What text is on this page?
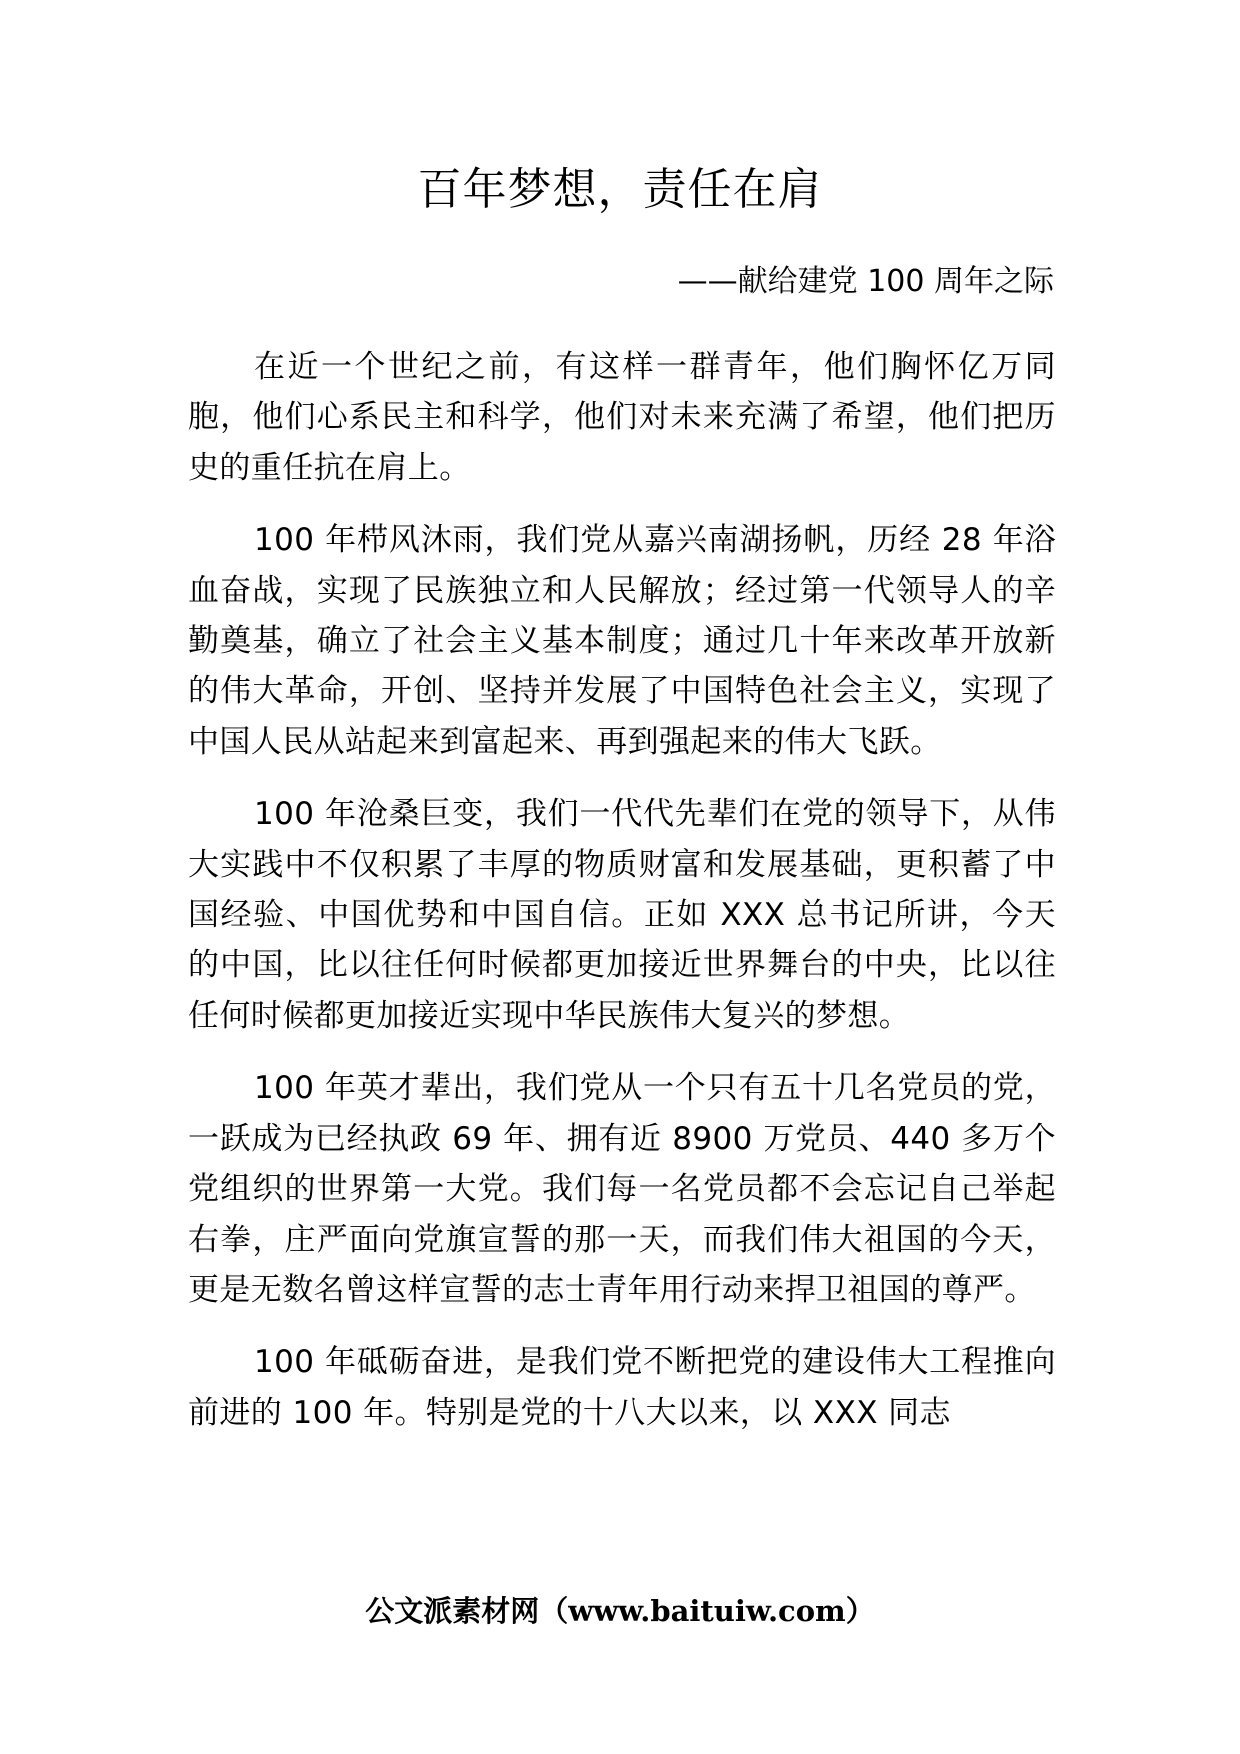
百年梦想，责任在肩
——献给建党 100 周年之际

在近一个世纪之前，有这样一群青年，他们胸怀亿万同胞，他们心系民主和科学，他们对未来充满了希望，他们把历史的重任抗在肩上。

100 年栉风沐雨，我们党从嘉兴南湖扬帆，历经 28 年浴血奋战，实现了民族独立和人民解放；经过第一代领导人的辛勤奠基，确立了社会主义基本制度；通过几十年来改革开放新的伟大革命，开创、坚持并发展了中国特色社会主义，实现了中国人民从站起来到富起来、再到强起来的伟大飞跃。

100 年沧桑巨变，我们一代代先辈们在党的领导下，从伟大实践中不仅积累了丰厚的物质财富和发展基础，更积蓄了中国经验、中国优势和中国自信。正如 XXX 总书记所讲，今天的中国，比以往任何时候都更加接近世界舞台的中央，比以往任何时候都更加接近实现中华民族伟大复兴的梦想。

100 年英才辈出，我们党从一个只有五十几名党员的党，一跃成为已经执政 69 年、拥有近 8900 万党员、440 多万个党组织的世界第一大党。我们每一名党员都不会忘记自己举起右拳，庄严面向党旗宣誓的那一天，而我们伟大祖国的今天，更是无数名曾这样宣誓的志士青年用行动来捍卫祖国的尊严。

100 年砥砺奋进，是我们党不断把党的建设伟大工程推向前进的 100 年。特别是党的十八大以来，以 XXX 同志

公文派素材网（www.baituiw.com）
